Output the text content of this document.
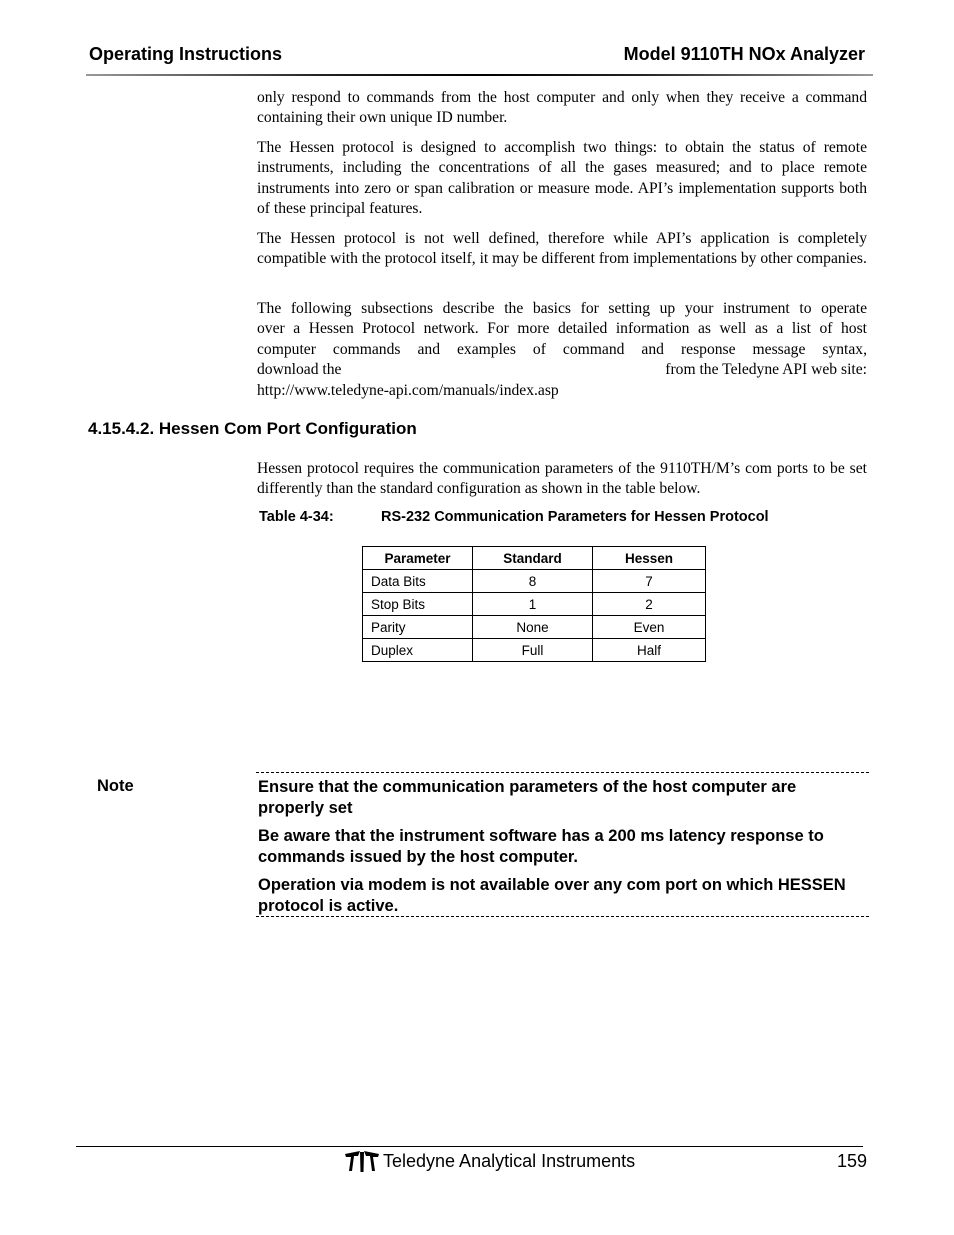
Operating Instructions	Model 9110TH NOx Analyzer

only respond to commands from the host computer and only when they receive a command containing their own unique ID number.

The Hessen protocol is designed to accomplish two things: to obtain the status of remote instruments, including the concentrations of all the gases measured; and to place remote instruments into zero or span calibration or measure mode. API’s implementation supports both of these principal features.

The Hessen protocol is not well defined, therefore while API’s application is completely compatible with the protocol itself, it may be different from implementations by other companies.

The following subsections describe the basics for setting up your instrument to operate
over a Hessen Protocol network. For more detailed information as well as a list of host
computer commands and examples of command and response message syntax,
download the	from the Teledyne API web site:
http://www.teledyne-api.com/manuals/index.asp
4.15.4.2. Hessen Com Port Configuration

Hessen protocol requires the communication parameters of the 9110TH/M’s com ports to be set differently than the standard configuration as shown in the table below.

Table 4-34:	RS-232 Communication Parameters for Hessen Protocol
Parameter	Standard	Hessen
Data Bits	8	7
Stop Bits	1	2
Parity	None	Even
Duplex	Full	Half
Note	Ensure that the communication parameters of the host computer are properly set

Be aware that the instrument software has a 200 ms latency response to commands issued by the host computer.

Operation via modem is not available over any com port on which HESSEN protocol is active.

Teledyne Analytical Instruments	159
